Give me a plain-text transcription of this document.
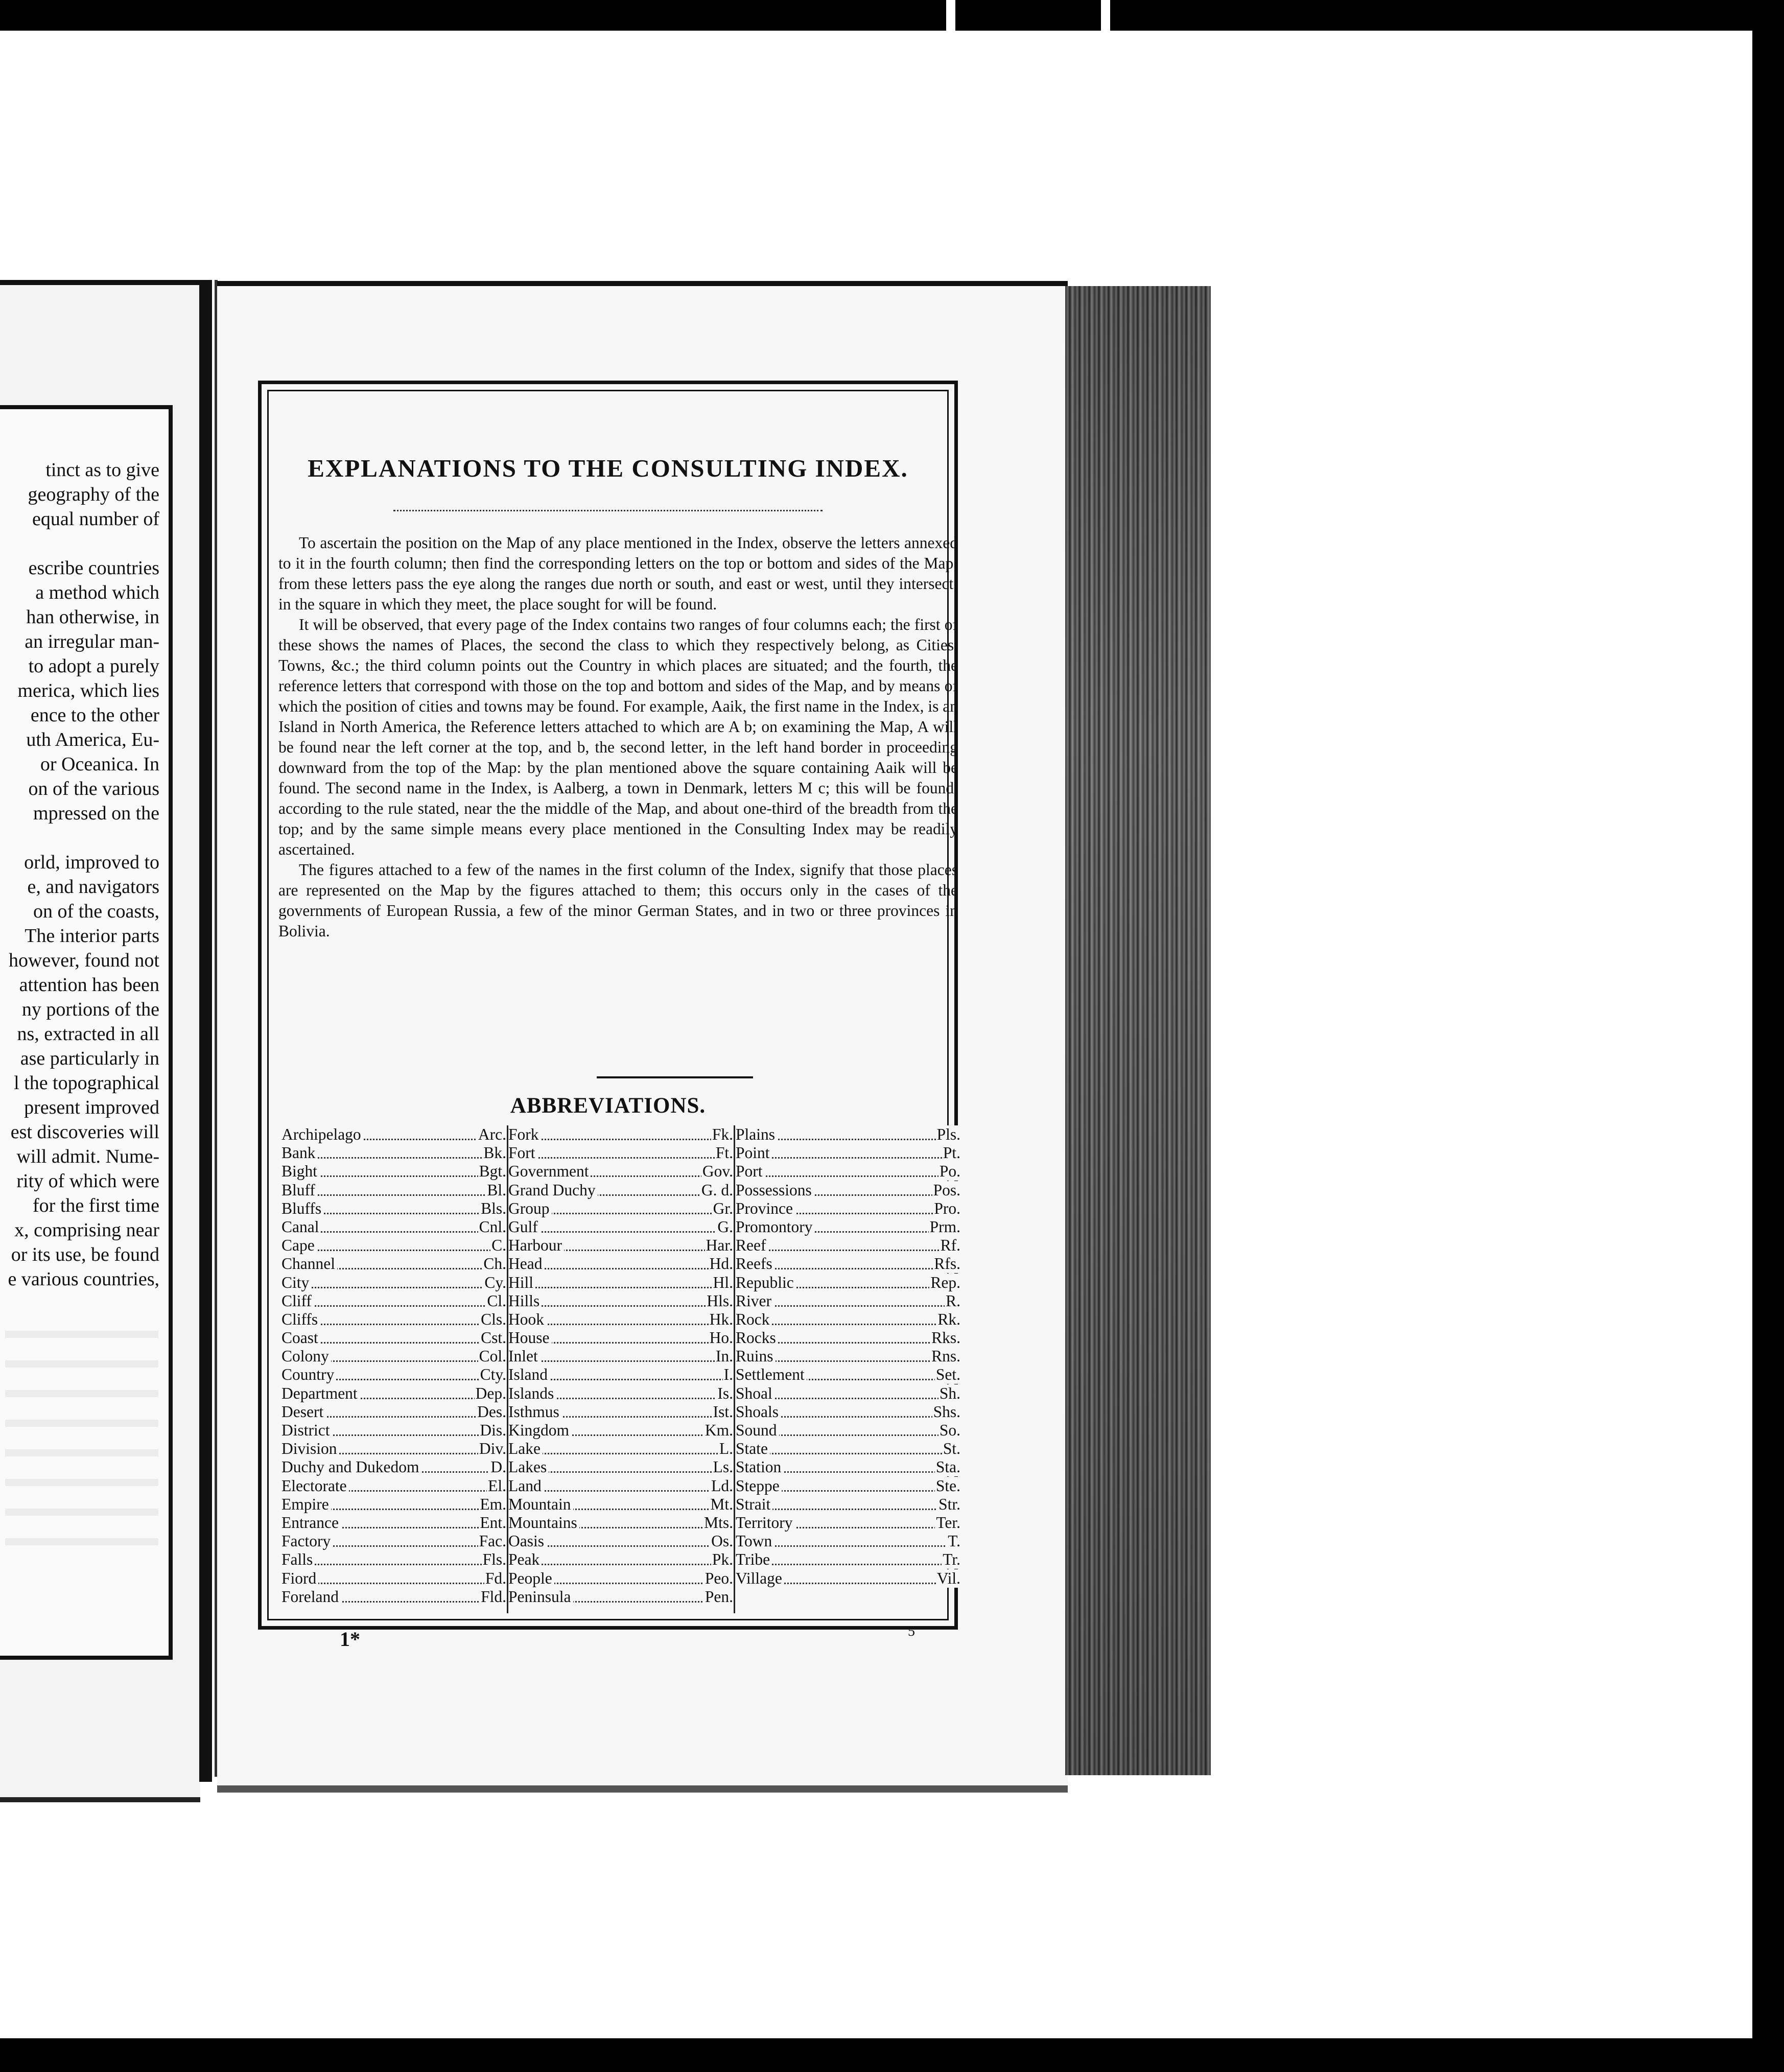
tinct as to give
geography of the
equal number of

escribe countries
a method which
han otherwise, in
an irregular man-
to adopt a purely
merica, which lies
ence to the other
uth America, Eu-
or Oceanica. In
on of the various
mpressed on the

orld, improved to
e, and navigators
on of the coasts,
The interior parts
however, found not
attention has been
ny portions of the
ns, extracted in all
ase particularly in
l the topographical
present improved
est discoveries will
will admit. Nume-
rity of which were
for the first time
x, comprising near
or its use, be found
e various countries,
EXPLANATIONS TO THE CONSULTING INDEX.

To ascertain the position on the Map of any place mentioned in the Index, observe the letters annexed to it in the fourth column; then find the corresponding letters on the top or bottom and sides of the Map; from these letters pass the eye along the ranges due north or south, and east or west, until they intersect: in the square in which they meet, the place sought for will be found.

It will be observed, that every page of the Index contains two ranges of four columns each; the first of these shows the names of Places, the second the class to which they respectively belong, as Cities, Towns, &c.; the third column points out the Country in which places are situated; and the fourth, the reference letters that correspond with those on the top and bottom and sides of the Map, and by means of which the position of cities and towns may be found. For example, Aaik, the first name in the Index, is an Island in North America, the Reference letters attached to which are A b; on examining the Map, A will be found near the left corner at the top, and b, the second letter, in the left hand border in proceeding downward from the top of the Map: by the plan mentioned above the square containing Aaik will be found. The second name in the Index, is Aalberg, a town in Denmark, letters M c; this will be found, according to the rule stated, near the the middle of the Map, and about one-third of the breadth from the top; and by the same simple means every place mentioned in the Consulting Index may be readily ascertained.

The figures attached to a few of the names in the first column of the Index, signify that those places are represented on the Map by the figures attached to them; this occurs only in the cases of the governments of European Russia, a few of the minor German States, and in two or three provinces in Bolivia.

ABBREVIATIONS.
Archipelago	Arc.
Bank	Bk.
Bight	Bgt.
Bluff	Bl.
Bluffs	Bls.
Canal	Cnl.
Cape	C.
Channel	Ch.
City	Cy.
Cliff	Cl.
Cliffs	Cls.
Coast	Cst.
Colony	Col.
Country	Cty.
Department	Dep.
Desert	Des.
District	Dis.
Division	Div.
Duchy and Dukedom	D.
Electorate	El.
Empire	Em.
Entrance	Ent.
Factory	Fac.
Falls	Fls.
Fiord	Fd.
Foreland	Fld.
Fork	Fk.
Fort	Ft.
Government	Gov.
Grand Duchy	G. d.
Group	Gr.
Gulf	G.
Harbour	Har.
Head	Hd.
Hill	Hl.
Hills	Hls.
Hook	Hk.
House	Ho.
Inlet	In.
Island	I.
Islands	Is.
Isthmus	Ist.
Kingdom	Km.
Lake	L.
Lakes	Ls.
Land	Ld.
Mountain	Mt.
Mountains	Mts.
Oasis	Os.
Peak	Pk.
People	Peo.
Peninsula	Pen.
Plains	Pls.
Point	Pt.
Port	Po.
Possessions	Pos.
Province	Pro.
Promontory	Prm.
Reef	Rf.
Reefs	Rfs.
Republic	Rep.
River	R.
Rock	Rk.
Rocks	Rks.
Ruins	Rns.
Settlement	Set.
Shoal	Sh.
Shoals	Shs.
Sound	So.
State	St.
Station	Sta.
Steppe	Ste.
Strait	Str.
Territory	Ter.
Town	T.
Tribe	Tr.
Village	Vil.
1*	5
